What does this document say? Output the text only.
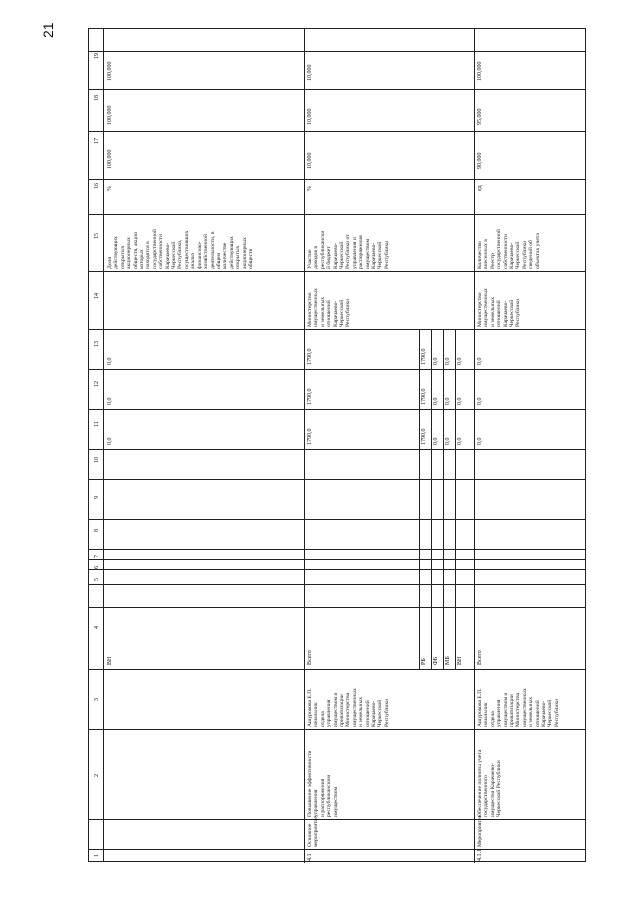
21
19
18
17
16
15
14
13
12
11
10
9
8
7
6
5
4
3
2
1
100,000
100,000
100,000
%
Доля
действующих
открытых
акционерных
обществ, акции
которых
находятся в
государственной
собственности
Карачаево-
Черкесской
Республики,
осуществивших
анализ
финансово-
хозяйственной
деятельности, в
общем
количестве
действующих
открытых
акционерных
обществ
0,0
0,0
0,0
ВН
10,000
10,000
10,000
%
Участие
доходов в
республикански
й бюджет
Карачаево-
Черкесской
Республики от
управления и
распоряжения
имуществом
Карачаево-
Черкесской
Республики
Министерство
имущественных
и земельных
отношений
Карачаево-
Черкесской
Республики
1790,0
1790,0
1790,0
Всего
Ашурокова Е.П.
начальник
отдела
управления
имуществом и
приватизации
Министерства
имущественных
и земельных
отношений
Карачаево-
Черкесской
Республики
Повышение эффективности
управления
и распоряжения
республиканским
имуществом
Основное
мероприятие
4.1
РБ ФБ МБ ВН
1790,0
1790,0
1790,0
0,0
0,0
0,0
0,0
0,0
0,0
0,0
0,0
0,0
100,000
95,000
90,000
ед
Количество
внесенных в
Реестр
государственной
собственности
Карачаево-
Черкесской
Республики
сведений об
объектах учета
Министерство
имущественных
и земельных
отношений
Карачаево-
Черкесской
Республики
0,0
0,0
0,0
Всего
Ашурокова Е.П.
начальник
отдела
управления
имуществом и
приватизации
Министерства
имущественных
и земельных
отношений
Карачаево-
Черкесской
Республики
Обеспечение полноты учета
государственного
имущества Карачаево-
Черкесской Республики
Мероприятие
4.1.1
